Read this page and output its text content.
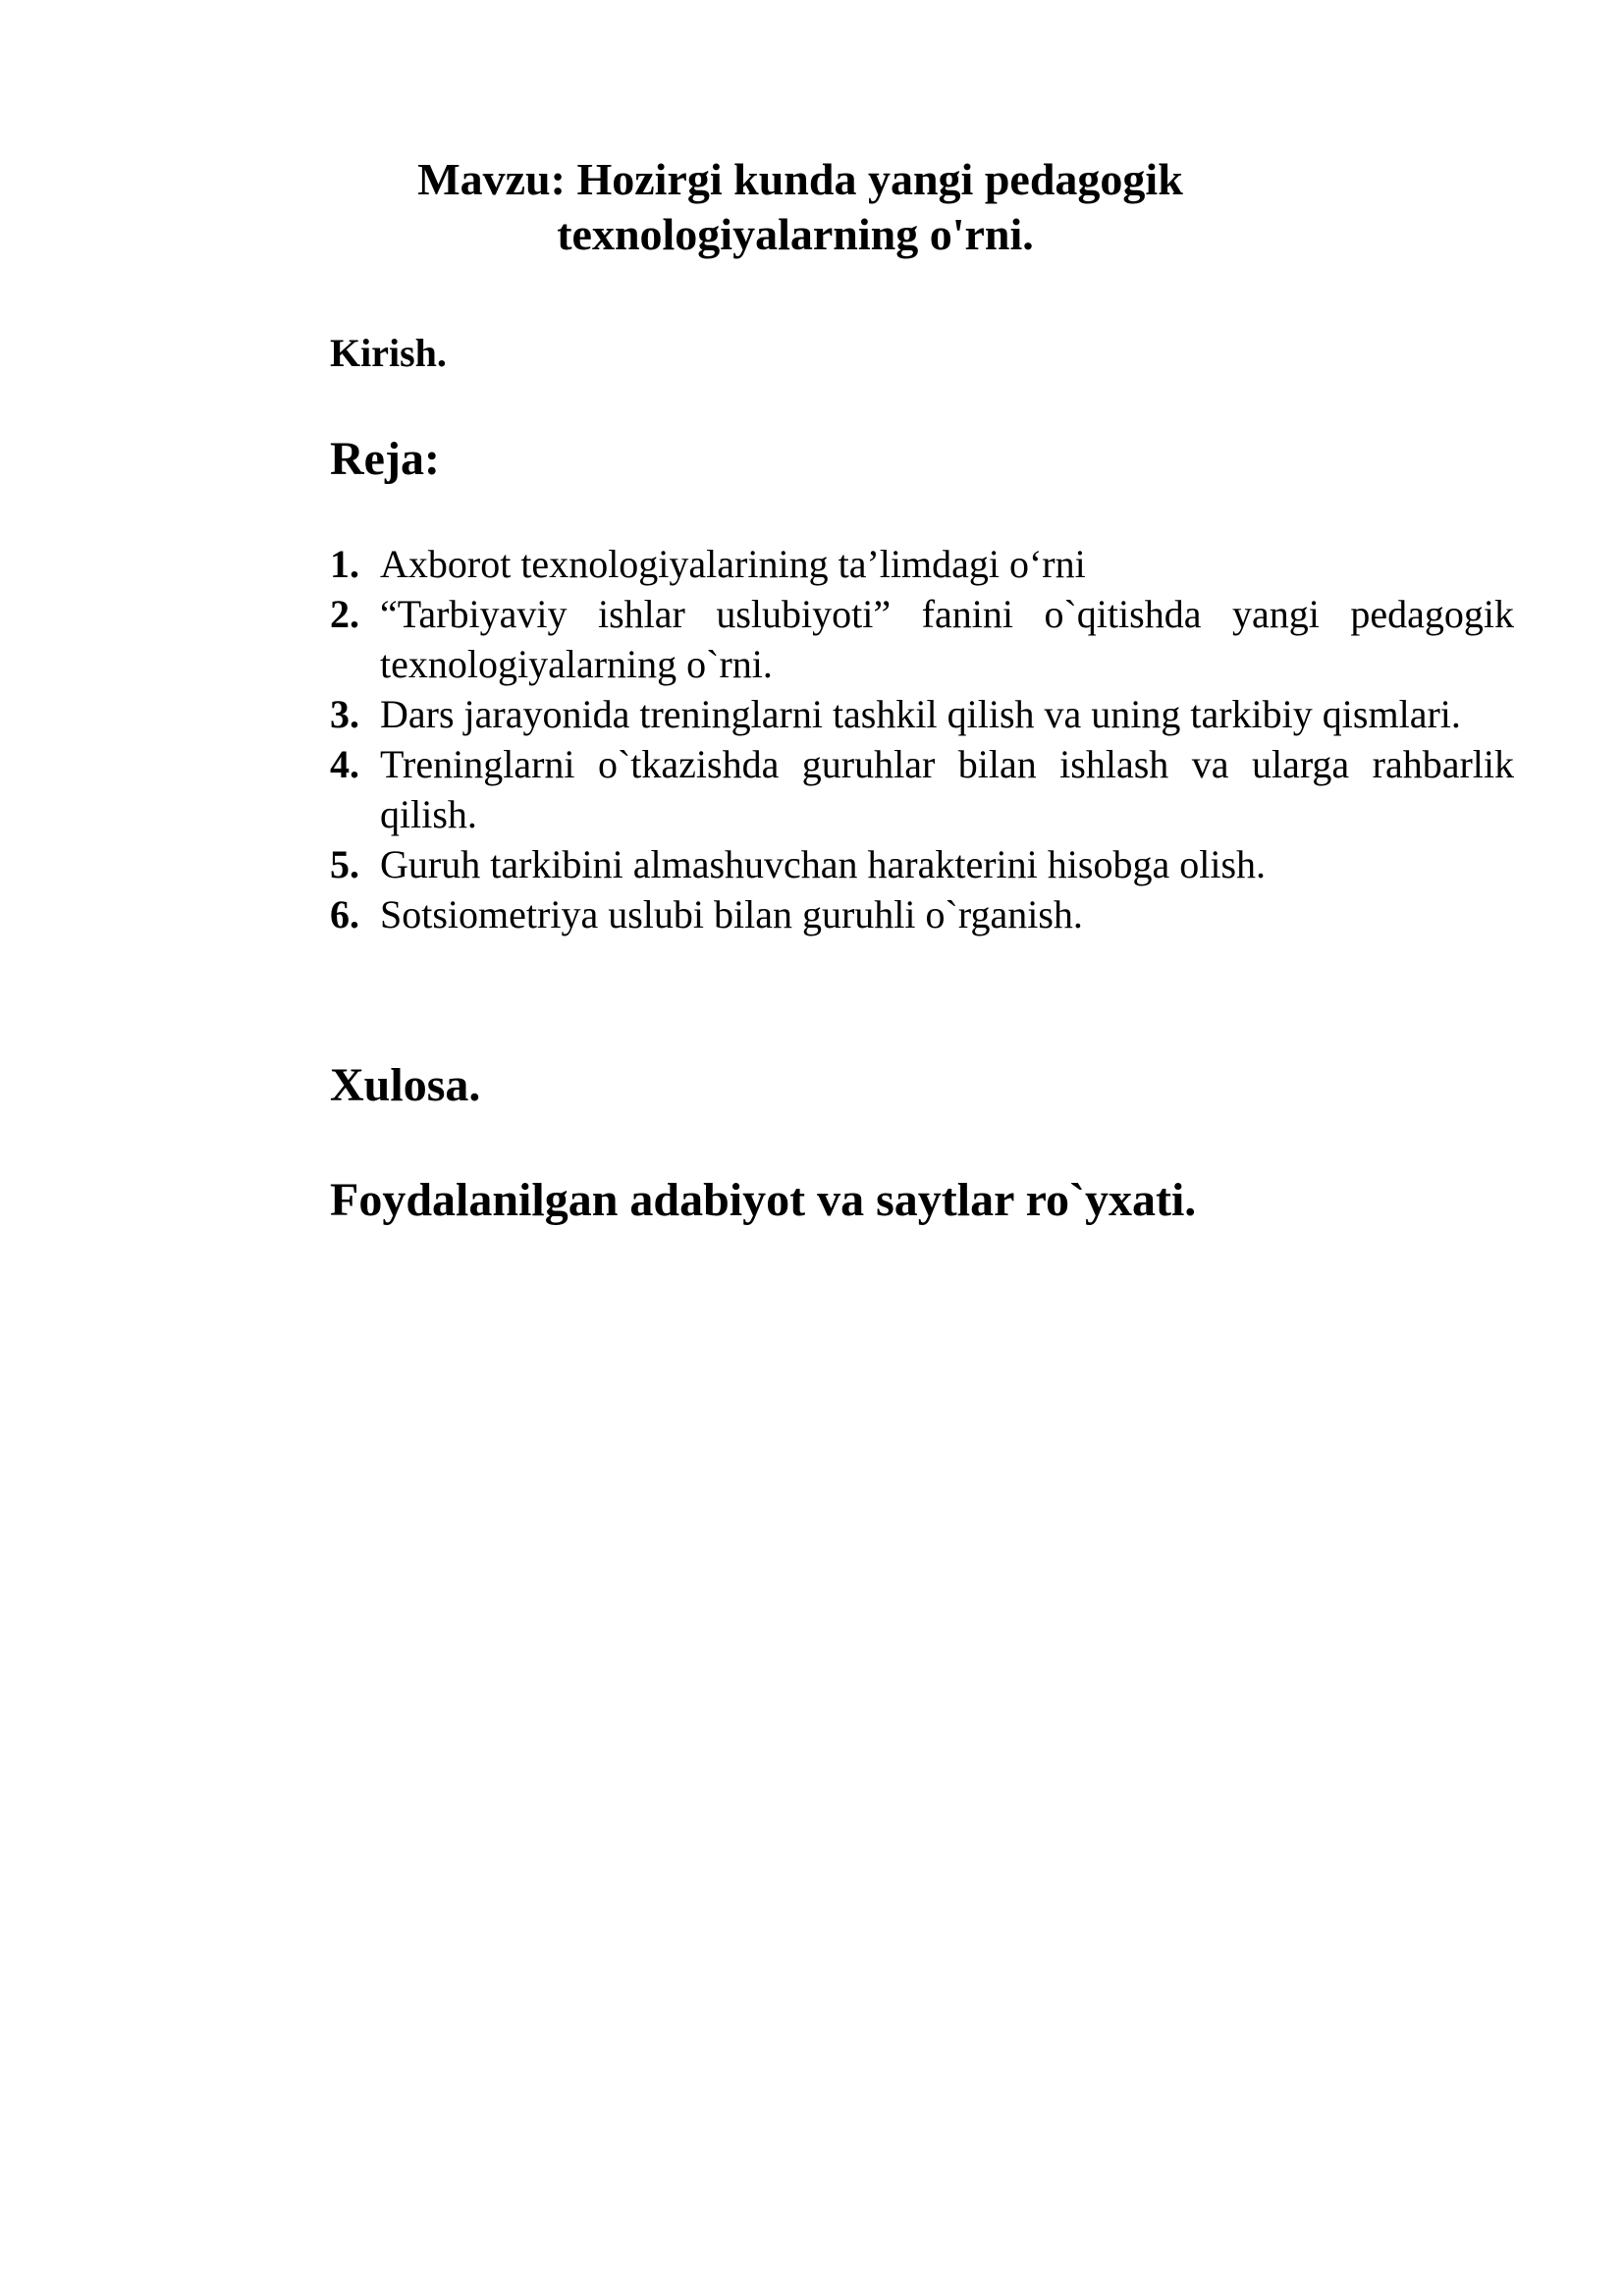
Mavzu: Hozirgi kunda yangi pedagogik
texnologiyalarning o'rni.
Kirish.
Reja:
1. Axborot texnologiyalarining ta’limdagi o‘rni
2. “Tarbiyaviy ishlar uslubiyoti” fanini o`qitishda yangi pedagogik texnologiyalarning o`rni.
3. Dars jarayonida treninglarni tashkil qilish va uning tarkibiy qismlari.
4. Treninglarni o`tkazishda guruhlar bilan ishlash va ularga rahbarlik qilish.
5. Guruh tarkibini almashuvchan harakterini hisobga olish.
6. Sotsiometriya uslubi bilan guruhli o`rganish.
Xulosa.
Foydalanilgan adabiyot va saytlar ro`yxati.
